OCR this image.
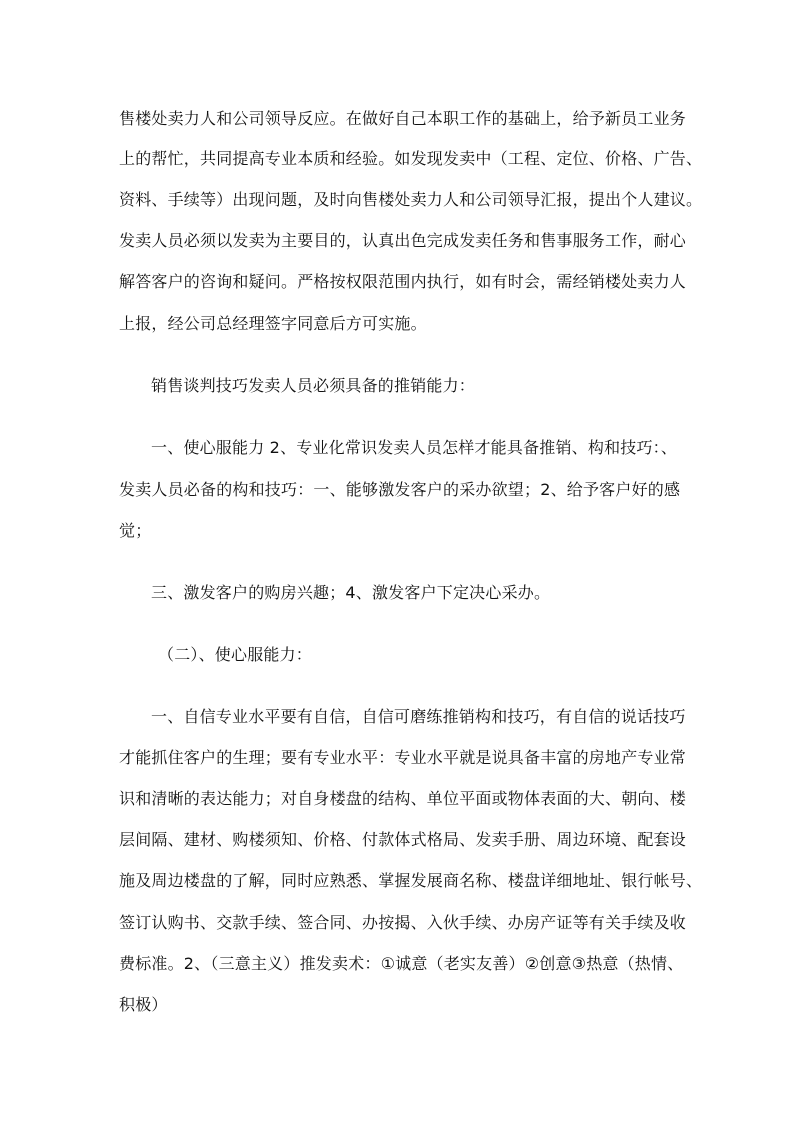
售楼处卖力人和公司领导反应。在做好自己本职工作的基础上，给予新员工业务
上的帮忙，共同提高专业本质和经验。如发现发卖中（工程、定位、价格、广告、
资料、手续等）出现问题，及时向售楼处卖力人和公司领导汇报，提出个人建议。
发卖人员必须以发卖为主要目的，认真出色完成发卖任务和售事服务工作，耐心
解答客户的咨询和疑问。严格按权限范围内执行，如有时会，需经销楼处卖力人
上报，经公司总经理签字同意后方可实施。
销售谈判技巧发卖人员必须具备的推销能力：
一、使心服能力 2、专业化常识发卖人员怎样才能具备推销、构和技巧：、
发卖人员必备的构和技巧：一、能够激发客户的采办欲望；2、给予客户好的感
觉；
三、激发客户的购房兴趣；4、激发客户下定决心采办。
（二）、使心服能力：
一、自信专业水平要有自信，自信可磨练推销构和技巧，有自信的说话技巧
才能抓住客户的生理；要有专业水平：专业水平就是说具备丰富的房地产专业常
识和清晰的表达能力；对自身楼盘的结构、单位平面或物体表面的大、朝向、楼
层间隔、建材、购楼须知、价格、付款体式格局、发卖手册、周边环境、配套设
施及周边楼盘的了解，同时应熟悉、掌握发展商名称、楼盘详细地址、银行帐号、
签订认购书、交款手续、签合同、办按揭、入伙手续、办房产证等有关手续及收
费标准。2、（三意主义）推发卖术：①诚意（老实友善）②创意③热意（热情、
积极）
